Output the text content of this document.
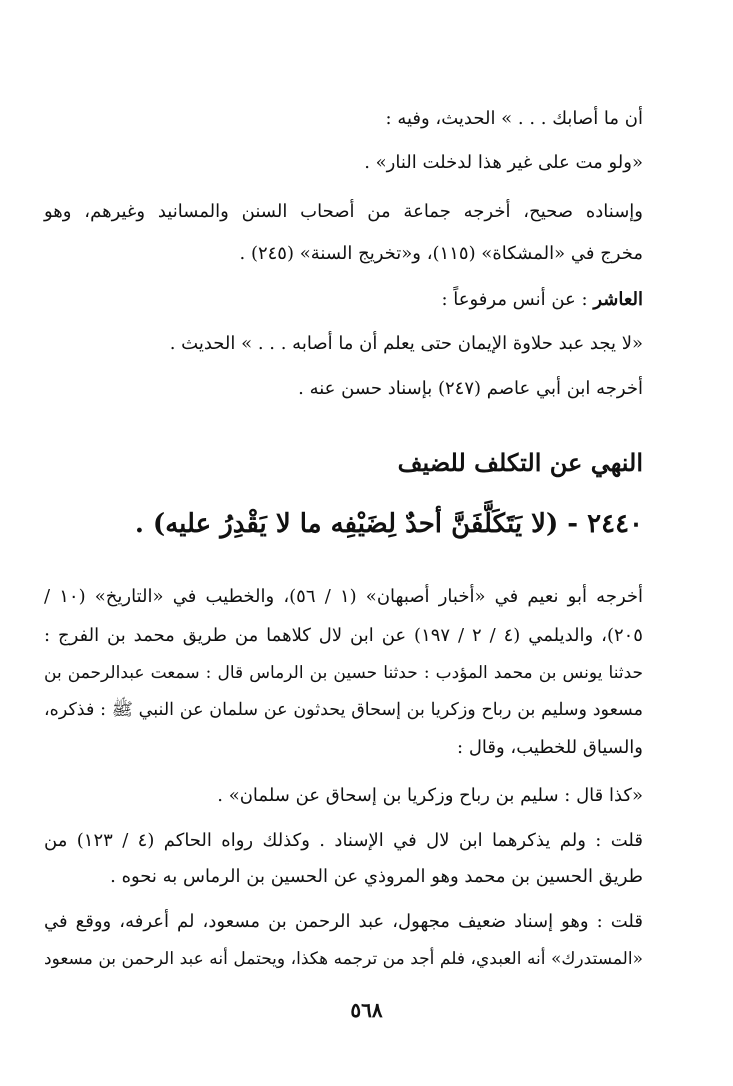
أن ما أصابك . . . » الحديث، وفيه :
«ولو مت على غير هذا لدخلت النار» .
وإسناده صحيح، أخرجه جماعة من أصحاب السنن والمسانيد وغيرهم، وهو
مخرج في «المشكاة» (١١٥)، و«تخريج السنة» (٢٤٥) .
العاشر : عن أنس مرفوعاً :
«لا يجد عبد حلاوة الإيمان حتى يعلم أن ما أصابه . . . » الحديث .
أخرجه ابن أبي عاصم (٢٤٧) بإسناد حسن عنه .
النهي عن التكلف للضيف
٢٤٤٠ - (لا يَتَكَلَّفَنَّ أحدٌ لِضَيْفِه ما لا يَقْدِرُ عليه) .
أخرجه أبو نعيم في «أخبار أصبهان» (١ / ٥٦)، والخطيب في «التاريخ» (١٠ /
٢٠٥)، والديلمي (٤ / ٢ / ١٩٧) عن ابن لال كلاهما من طريق محمد بن الفرج :
حدثنا يونس بن محمد المؤدب : حدثنا حسين بن الرماس قال : سمعت عبدالرحمن بن
مسعود وسليم بن رباح وزكريا بن إسحاق يحدثون عن سلمان عن النبي ﷺ : فذكره،
والسياق للخطيب، وقال :
«كذا قال : سليم بن رباح وزكريا بن إسحاق عن سلمان» .
قلت : ولم يذكرهما ابن لال في الإسناد . وكذلك رواه الحاكم (٤ / ١٢٣) من
طريق الحسين بن محمد وهو المروذي عن الحسين بن الرماس به نحوه .
قلت : وهو إسناد ضعيف مجهول، عبد الرحمن بن مسعود، لم أعرفه، ووقع في
«المستدرك» أنه العبدي، فلم أجد من ترجمه هكذا، ويحتمل أنه عبد الرحمن بن مسعود
٥٦٨
